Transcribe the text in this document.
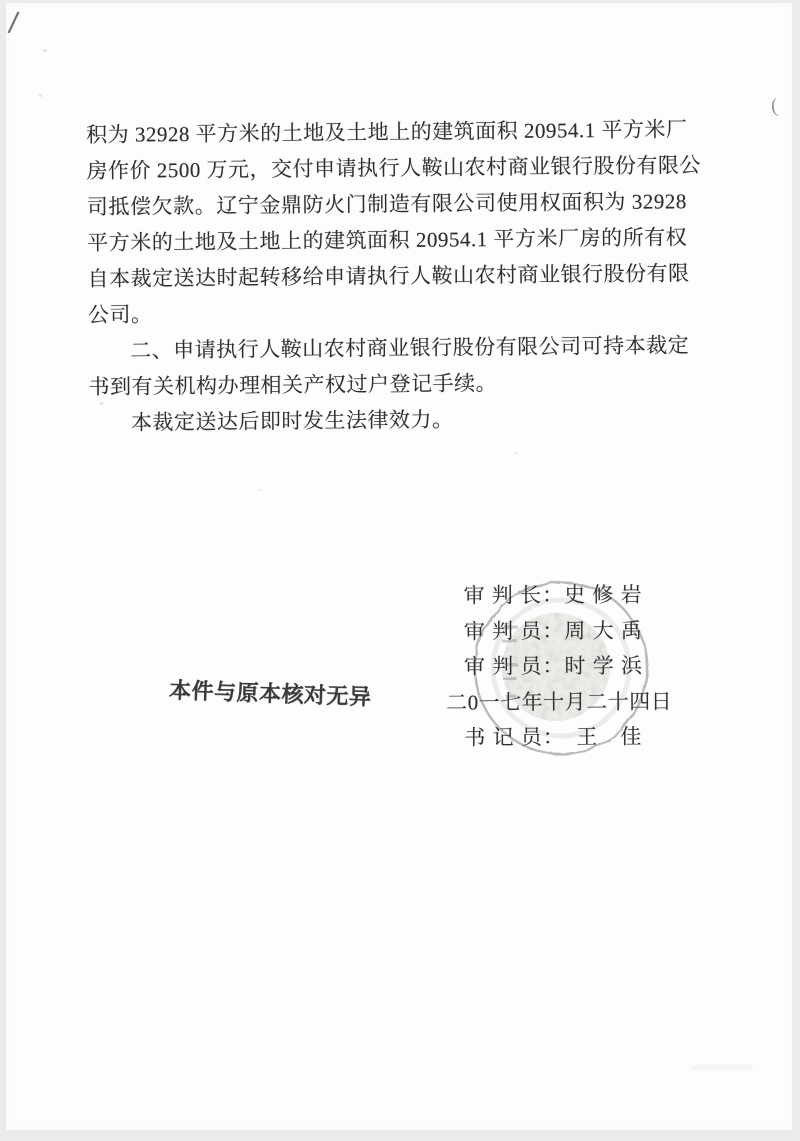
积为 32928 平方米的土地及土地上的建筑面积 20954.1 平方米厂
房作价 2500 万元，交付申请执行人鞍山农村商业银行股份有限公
司抵偿欠款。辽宁金鼎防火门制造有限公司使用权面积为 32928
平方米的土地及土地上的建筑面积 20954.1 平方米厂房的所有权
自本裁定送达时起转移给申请执行人鞍山农村商业银行股份有限
公司。
二、申请执行人鞍山农村商业银行股份有限公司可持本裁定
书到有关机构办理相关产权过户登记手续。
本裁定送达后即时发生法律效力。
审 判 长：史 修 岩
审 判 员：周 大 禹
审 判 员：时 学 浜
二0一七年十月二十四日
书 记 员：　王　佳
本件与原本核对无异
/
(
